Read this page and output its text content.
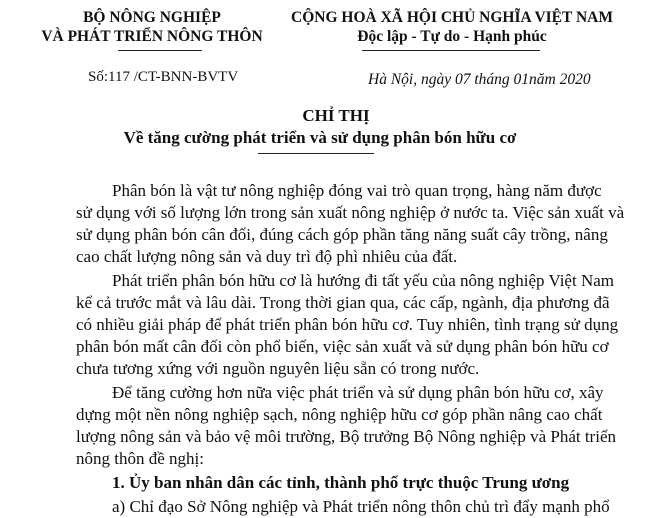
BỘ NÔNG NGHIỆP
VÀ PHÁT TRIỂN NÔNG THÔN
CỘNG HOÀ XÃ HỘI CHỦ NGHĨA VIỆT NAM
Độc lập - Tự do - Hạnh phúc
Số:117 /CT-BNN-BVTV	Hà Nội, ngày 07 tháng 01năm 2020
CHỈ THỊ
Về tăng cường phát triển và sử dụng phân bón hữu cơ
Phân bón là vật tư nông nghiệp đóng vai trò quan trọng, hàng năm được
sử dụng với số lượng lớn trong sản xuất nông nghiệp ở nước ta. Việc sản xuất và
sử dụng phân bón cân đối, đúng cách góp phần tăng năng suất cây trồng, nâng
cao chất lượng nông sản và duy trì độ phì nhiêu của đất.
Phát triển phân bón hữu cơ là hướng đi tất yếu của nông nghiệp Việt Nam
kể cả trước mắt và lâu dài. Trong thời gian qua, các cấp, ngành, địa phương đã
có nhiều giải pháp để phát triển phân bón hữu cơ. Tuy nhiên, tình trạng sử dụng
phân bón mất cân đối còn phổ biến, việc sản xuất và sử dụng phân bón hữu cơ
chưa tương xứng với nguồn nguyên liệu sẵn có trong nước.
Để tăng cường hơn nữa việc phát triển và sử dụng phân bón hữu cơ, xây
dựng một nền nông nghiệp sạch, nông nghiệp hữu cơ góp phần nâng cao chất
lượng nông sản và bảo vệ môi trường, Bộ trưởng Bộ Nông nghiệp và Phát triển
nông thôn đề nghị:
1. Ủy ban nhân dân các tỉnh, thành phố trực thuộc Trung ương
a) Chỉ đạo Sở Nông nghiệp và Phát triển nông thôn chủ trì đẩy mạnh phổ
